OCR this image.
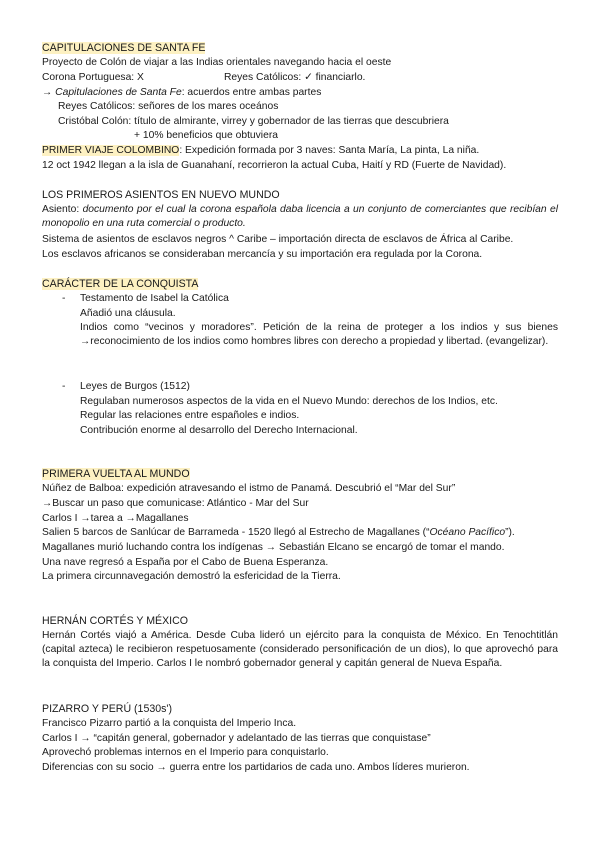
CAPITULACIONES DE SANTA FE
Proyecto de Colón de viajar a las Indias orientales navegando hacia el oeste
Corona Portuguesa: X	Reyes Católicos: ✓ financiarlo.
→ Capitulaciones de Santa Fe: acuerdos entre ambas partes
Reyes Católicos: señores de los mares oceános
Cristóbal Colón: título de almirante, virrey y gobernador de las tierras que descubriera
+ 10% beneficios que obtuviera
PRIMER VIAJE COLOMBINO: Expedición formada por 3 naves: Santa María, La pinta, La niña.
12 oct 1942 llegan a la isla de Guanahaní, recorrieron la actual Cuba, Haití y RD (Fuerte de Navidad).
LOS PRIMEROS ASIENTOS EN NUEVO MUNDO
Asiento: documento por el cual la corona española daba licencia a un conjunto de comerciantes que recibían el monopolio en una ruta comercial o producto.
Sistema de asientos de esclavos negros ^ Caribe – importación directa de esclavos de África al Caribe.
Los esclavos africanos se consideraban mercancía y su importación era regulada por la Corona.
CARÁCTER DE LA CONQUISTA
- Testamento de Isabel la Católica
Añadió una cláusula.
Indios como “vecinos y moradores”. Petición de la reina de proteger a los indios y sus bienes →reconocimiento de los indios como hombres libres con derecho a propiedad y libertad. (evangelizar).
- Leyes de Burgos (1512)
Regulaban numerosos aspectos de la vida en el Nuevo Mundo: derechos de los Indios, etc.
Regular las relaciones entre españoles e indios.
Contribución enorme al desarrollo del Derecho Internacional.
PRIMERA VUELTA AL MUNDO
Núñez de Balboa: expedición atravesando el istmo de Panamá. Descubrió el “Mar del Sur”
→Buscar un paso que comunicase: Atlántico - Mar del Sur
Carlos I →tarea a →Magallanes
Salien 5 barcos de Sanlúcar de Barrameda - 1520 llegó al Estrecho de Magallanes (“Océano Pacífico”).
Magallanes murió luchando contra los indígenas → Sebastián Elcano se encargó de tomar el mando.
Una nave regresó a España por el Cabo de Buena Esperanza.
La primera circunnavegación demostró la esfericidad de la Tierra.
HERNÁN CORTÉS Y MÉXICO
Hernán Cortés viajó a América. Desde Cuba lideró un ejército para la conquista de México. En Tenochtitlán (capital azteca) le recibieron respetuosamente (considerado personificación de un dios), lo que aprovechó para la conquista del Imperio. Carlos I le nombró gobernador general y capitán general de Nueva España.
PIZARRO Y PERÚ (1530s')
Francisco Pizarro partió a la conquista del Imperio Inca.
Carlos I → “capitán general, gobernador y adelantado de las tierras que conquistase”
Aprovechó problemas internos en el Imperio para conquistarlo.
Diferencias con su socio → guerra entre los partidarios de cada uno. Ambos líderes murieron.
